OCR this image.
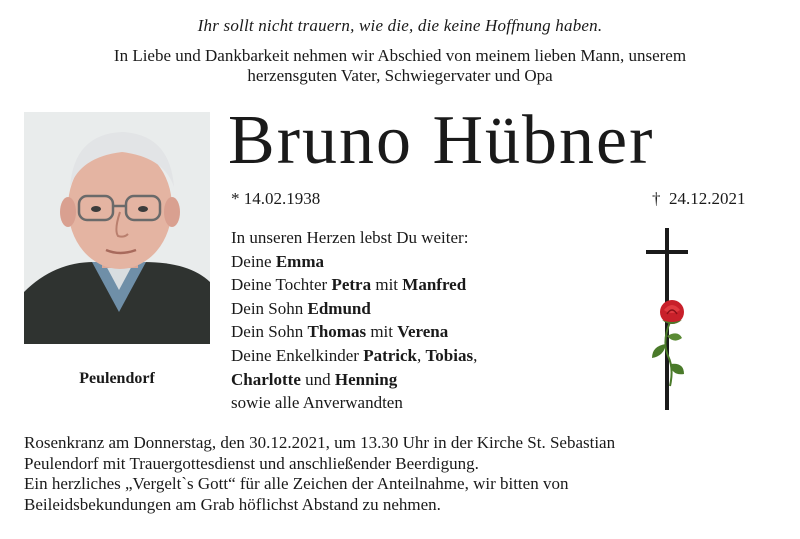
Ihr sollt nicht trauern, wie die, die keine Hoffnung haben.
In Liebe und Dankbarkeit nehmen wir Abschied von meinem lieben Mann, unserem
herzensguten Vater, Schwiegervater und Opa
Peulendorf
Bruno Hübner
* 14.02.1938	† 24.12.2021
In unseren Herzen lebst Du weiter:
Deine Emma
Deine Tochter Petra mit Manfred
Dein Sohn Edmund
Dein Sohn Thomas mit Verena
Deine Enkelkinder Patrick, Tobias,
Charlotte und Henning
sowie alle Anverwandten
Rosenkranz am Donnerstag, den 30.12.2021, um 13.30 Uhr in der Kirche St. Sebastian
Peulendorf mit Trauergottesdienst und anschließender Beerdigung.
Ein herzliches „Vergelt`s Gott“ für alle Zeichen der Anteilnahme, wir bitten von
Beileidsbekundungen am Grab höflichst Abstand zu nehmen.
